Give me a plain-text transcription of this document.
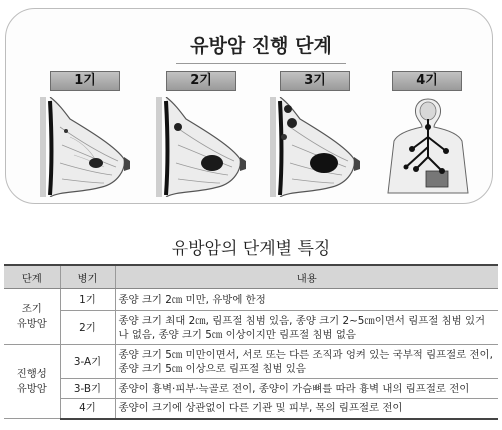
유방암 진행 단계
1기	2기	3기	4기
유방암의 단계별 특징
단계	병기	내용

조기
유방암	1기	종양 크기 2㎝ 미만, 유방에 한정
	2기	종양 크기 최대 2㎝, 림프절 침범 있음, 종양 크기 2~5㎝이면서 림프절 침범 있거나 없음, 종양 크기 5㎝ 이상이지만 림프절 침범 없음

진행성
유방암	3-A기	종양 크기 5㎝ 미만이면서, 서로 또는 다른 조직과 엉켜 있는 국부적 림프절로 전이, 종양 크기 5㎝ 이상으로 림프절 침범 있음
	3-B기	종양이 흉벽·피부·늑골로 전이, 종양이 가슴뼈를 따라 흉벽 내의 림프절로 전이
	4기	종양이 크기에 상관없이 다른 기관 및 피부, 목의 림프절로 전이
